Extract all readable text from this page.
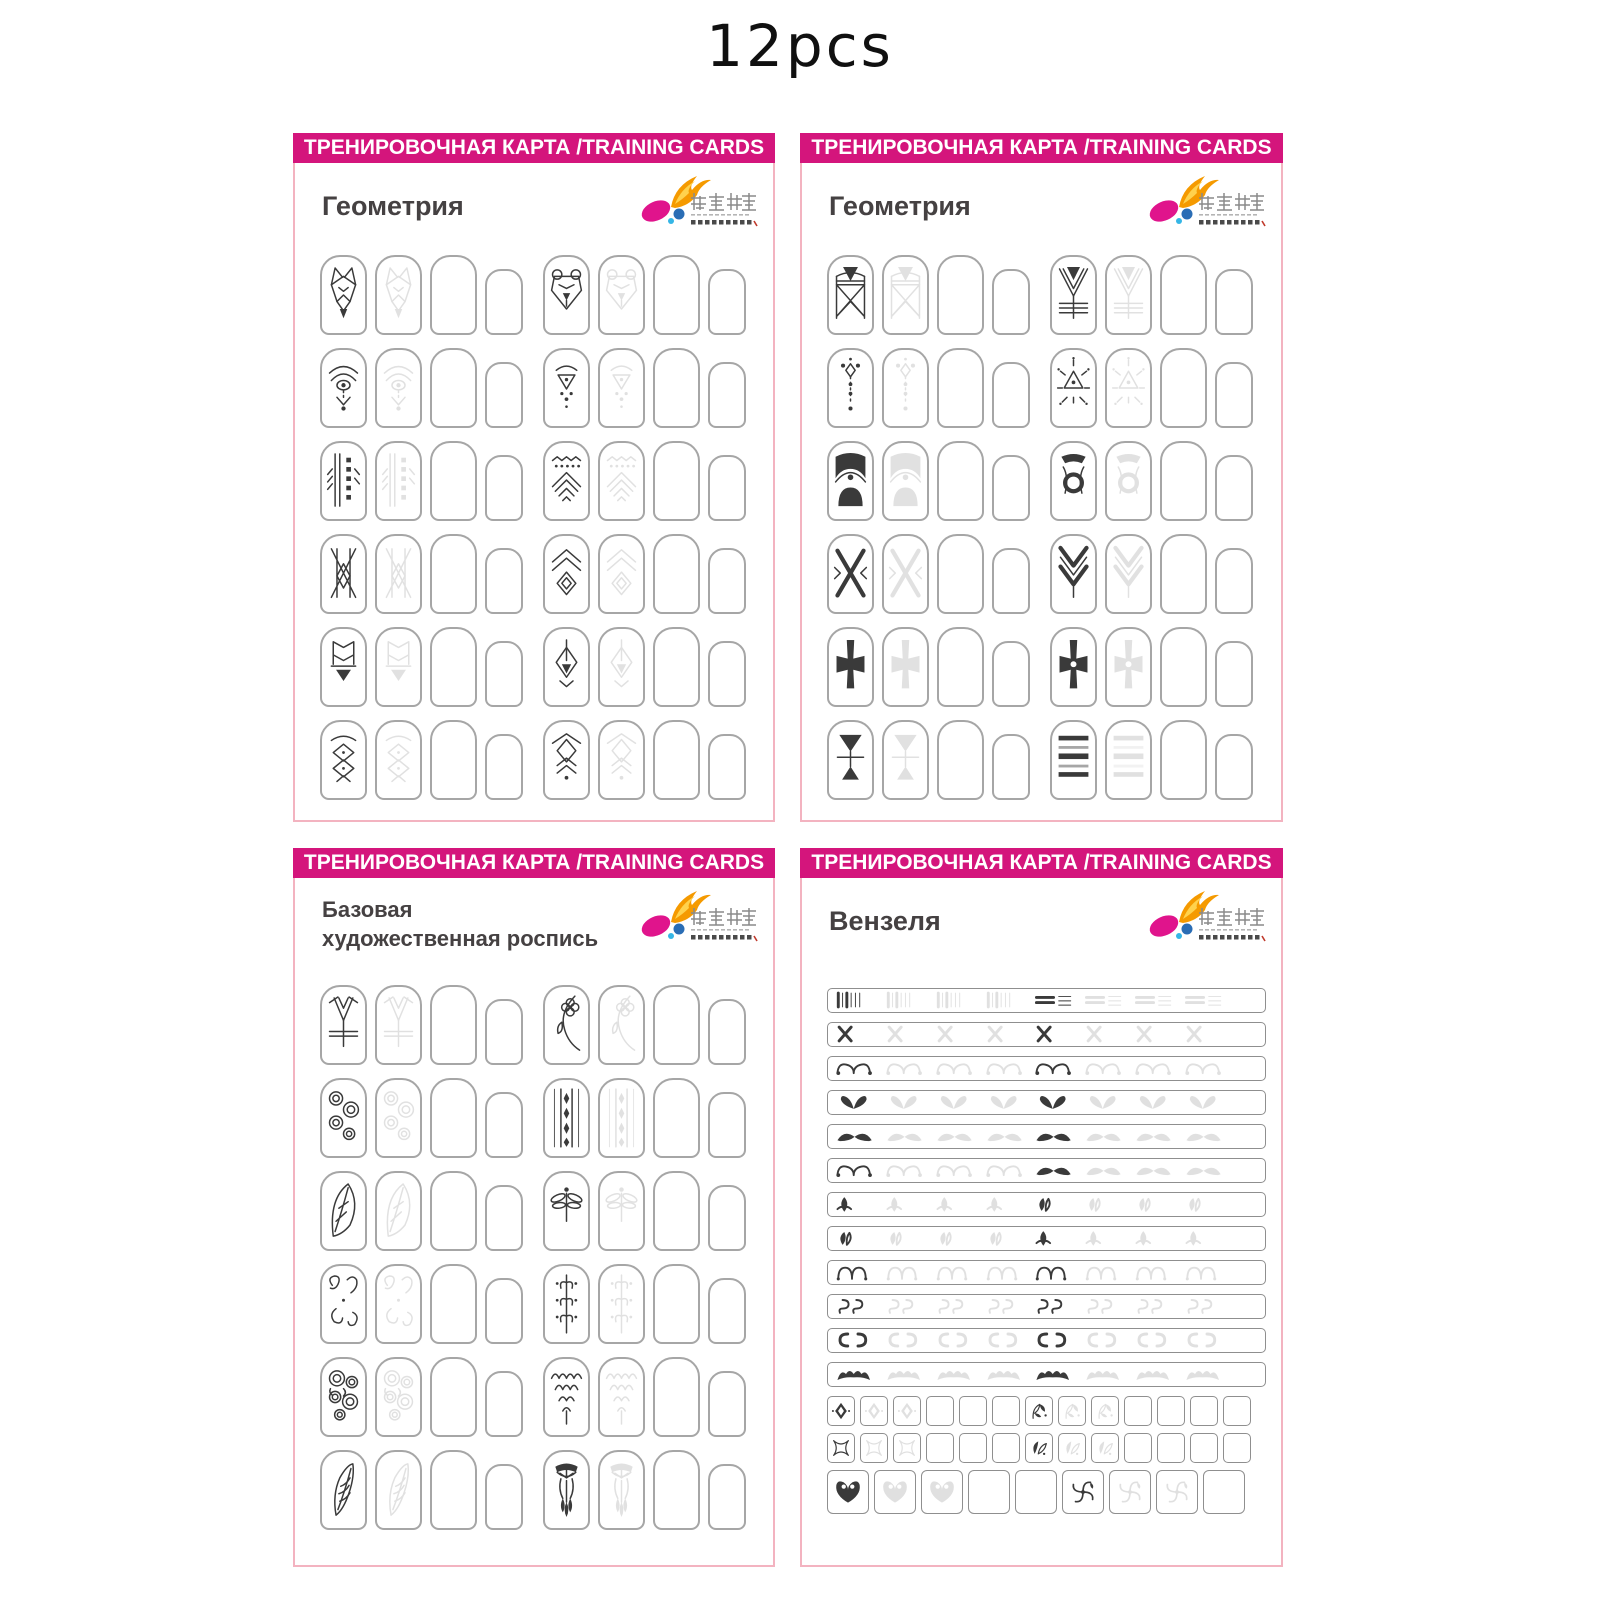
12pcs
ТРЕНИРОВОЧНАЯ КАРТА /TRAINING CARDS
Геометрия
ТРЕНИРОВОЧНАЯ КАРТА /TRAINING CARDS
Геометрия
ТРЕНИРОВОЧНАЯ КАРТА /TRAINING CARDS
Базовая
художественная роспись
ТРЕНИРОВОЧНАЯ КАРТА /TRAINING CARDS
Вензеля
